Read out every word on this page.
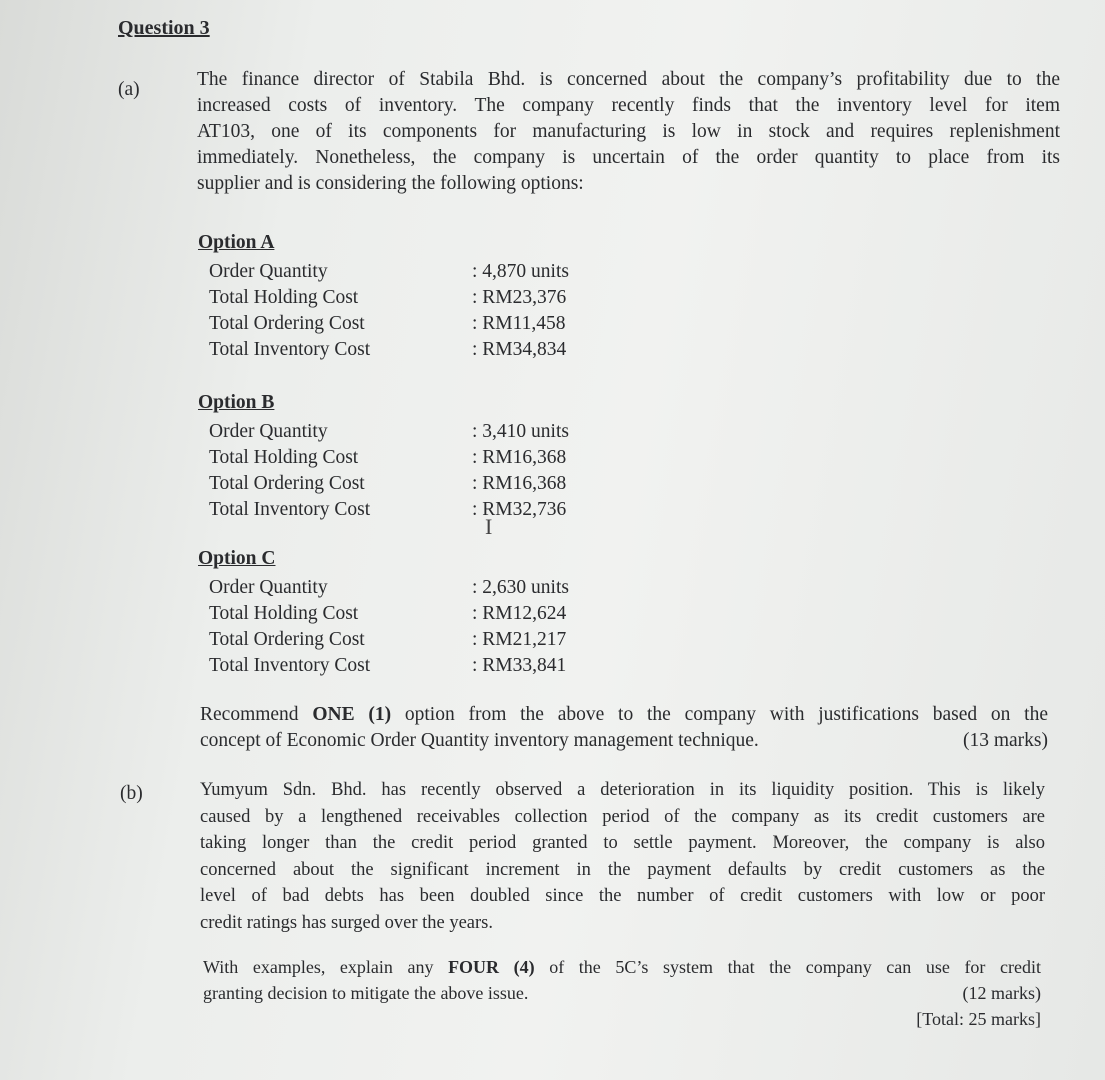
Question 3
(a)
I
Recommend ONE (1) option from the above to the company with justifications based on the
concept of Economic Order Quantity inventory management technique.	(13 marks)
(b)
With examples, explain any FOUR (4) of the 5C’s system that the company can use for credit
granting decision to mitigate the above issue.	(12 marks)
[Total: 25 marks]
The finance director of Stabila Bhd. is concerned about the company’s profitability due to the
increased costs of inventory. The company recently finds that the inventory level for item
AT103, one of its components for manufacturing is low in stock and requires replenishment
immediately. Nonetheless, the company is uncertain of the order quantity to place from its
supplier and is considering the following options:
Yumyum Sdn. Bhd. has recently observed a deterioration in its liquidity position. This is likely
caused by a lengthened receivables collection period of the company as its credit customers are
taking longer than the credit period granted to settle payment. Moreover, the company is also
concerned about the significant increment in the payment defaults by credit customers as the
level of bad debts has been doubled since the number of credit customers with low or poor
credit ratings has surged over the years.
Option A
Order Quantity	: 4,870 units
Total Holding Cost	: RM23,376
Total Ordering Cost	: RM11,458
Total Inventory Cost	: RM34,834
Option B
Order Quantity	: 3,410 units
Total Holding Cost	: RM16,368
Total Ordering Cost	: RM16,368
Total Inventory Cost	: RM32,736
Option C
Order Quantity	: 2,630 units
Total Holding Cost	: RM12,624
Total Ordering Cost	: RM21,217
Total Inventory Cost	: RM33,841
